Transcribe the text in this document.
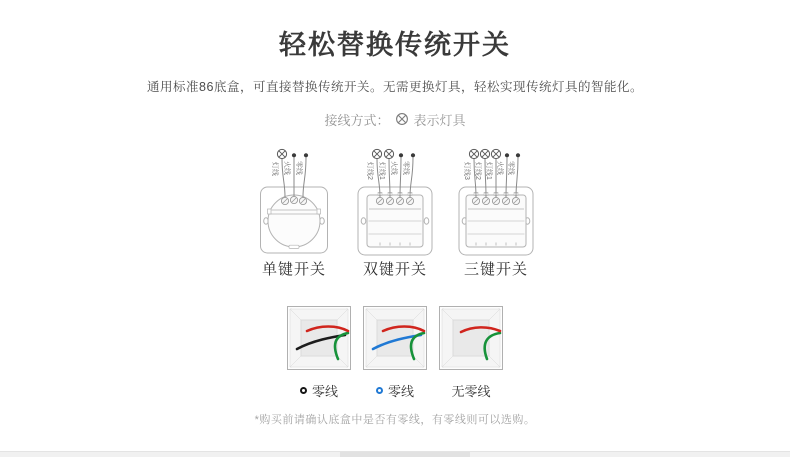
轻松替换传统开关
通用标准86底盒，可直接替换传统开关。无需更换灯具，轻松实现传统灯具的智能化。
接线方式： 表示灯具
灯线 火线 零线
单键开关
灯线2 灯线1 火线 零线
双键开关
灯线3 灯线2 灯线1 火线 零线
三键开关
零线	零线	无零线
*购买前请确认底盒中是否有零线，有零线则可以选购。
